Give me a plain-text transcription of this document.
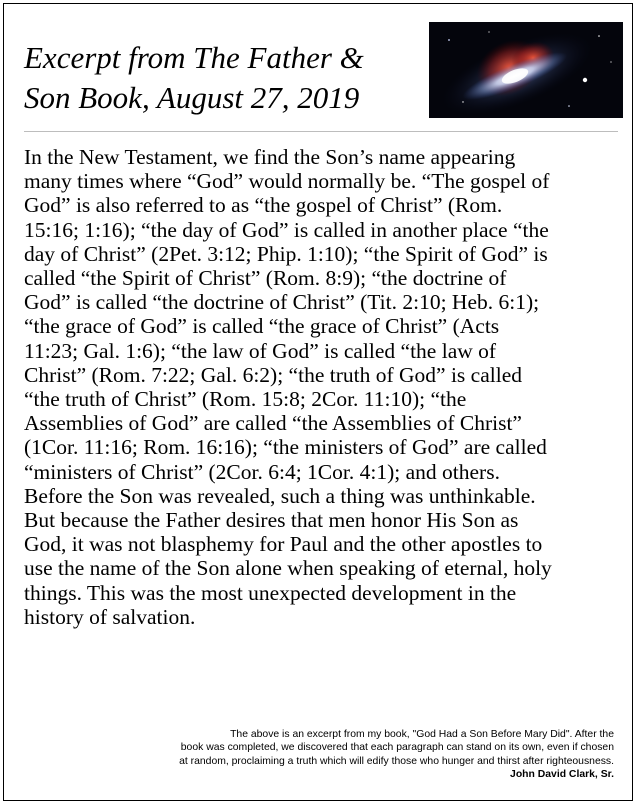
Excerpt from The Father &
Son Book, August 27, 2019
In the New Testament, we find the Son’s name appearing
many times where “God” would normally be. “The gospel of
God” is also referred to as “the gospel of Christ” (Rom.
15:16; 1:16); “the day of God” is called in another place “the
day of Christ” (2Pet. 3:12; Phip. 1:10); “the Spirit of God” is
called “the Spirit of Christ” (Rom. 8:9); “the doctrine of
God” is called “the doctrine of Christ” (Tit. 2:10; Heb. 6:1);
“the grace of God” is called “the grace of Christ” (Acts
11:23; Gal. 1:6); “the law of God” is called “the law of
Christ” (Rom. 7:22; Gal. 6:2); “the truth of God” is called
“the truth of Christ” (Rom. 15:8; 2Cor. 11:10); “the
Assemblies of God” are called “the Assemblies of Christ”
(1Cor. 11:16; Rom. 16:16); “the ministers of God” are called
“ministers of Christ” (2Cor. 6:4; 1Cor. 4:1); and others.
Before the Son was revealed, such a thing was unthinkable.
But because the Father desires that men honor His Son as
God, it was not blasphemy for Paul and the other apostles to
use the name of the Son alone when speaking of eternal, holy
things. This was the most unexpected development in the
history of salvation.
The above is an excerpt from my book, "God Had a Son Before Mary Did". After the
book was completed, we discovered that each paragraph can stand on its own, even if chosen
at random, proclaiming a truth which will edify those who hunger and thirst after righteousness.
John David Clark, Sr.
